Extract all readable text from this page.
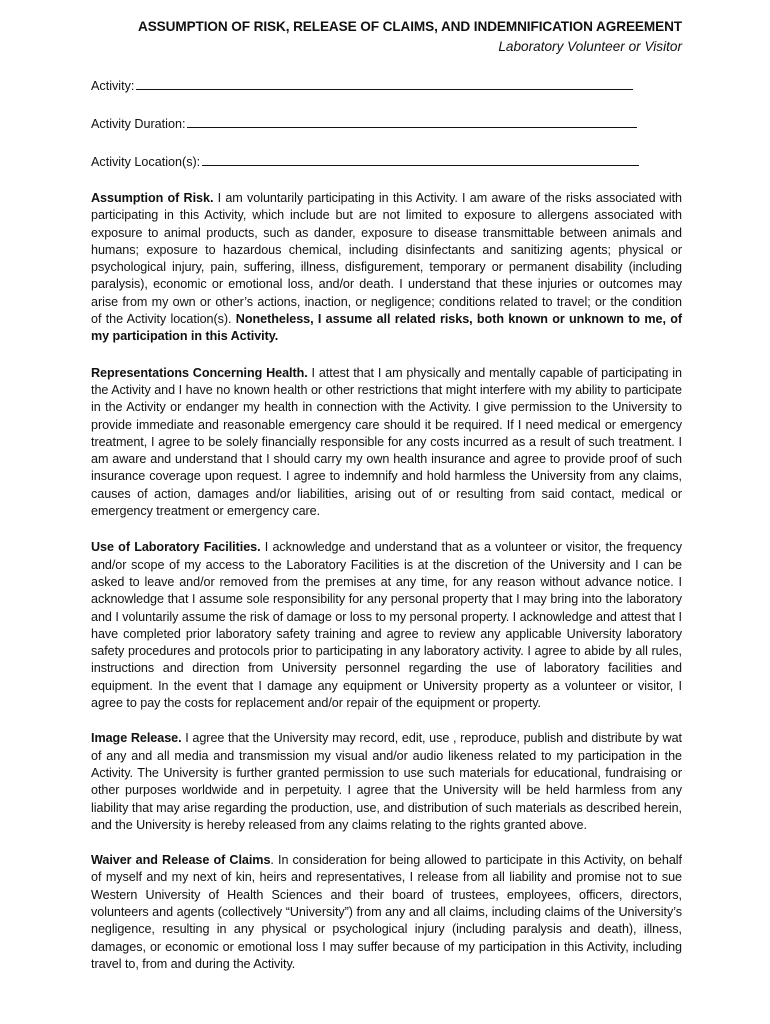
ASSUMPTION OF RISK, RELEASE OF CLAIMS, AND INDEMNIFICATION AGREEMENT
Laboratory Volunteer or Visitor
Activity:
Activity Duration:
Activity Location(s):

Assumption of Risk. I am voluntarily participating in this Activity. I am aware of the risks associated with participating in this Activity, which include but are not limited to exposure to allergens associated with exposure to animal products, such as dander, exposure to disease transmittable between animals and humans; exposure to hazardous chemical, including disinfectants and sanitizing agents; physical or psychological injury, pain, suffering, illness, disfigurement, temporary or permanent disability (including paralysis), economic or emotional loss, and/or death. I understand that these injuries or outcomes may arise from my own or other’s actions, inaction, or negligence; conditions related to travel; or the condition of the Activity location(s). Nonetheless, I assume all related risks, both known or unknown to me, of my participation in this Activity.

Representations Concerning Health. I attest that I am physically and mentally capable of participating in the Activity and I have no known health or other restrictions that might interfere with my ability to participate in the Activity or endanger my health in connection with the Activity. I give permission to the University to provide immediate and reasonable emergency care should it be required. If I need medical or emergency treatment, I agree to be solely financially responsible for any costs incurred as a result of such treatment. I am aware and understand that I should carry my own health insurance and agree to provide proof of such insurance coverage upon request. I agree to indemnify and hold harmless the University from any claims, causes of action, damages and/or liabilities, arising out of or resulting from said contact, medical or emergency treatment or emergency care.

Use of Laboratory Facilities. I acknowledge and understand that as a volunteer or visitor, the frequency and/or scope of my access to the Laboratory Facilities is at the discretion of the University and I can be asked to leave and/or removed from the premises at any time, for any reason without advance notice. I acknowledge that I assume sole responsibility for any personal property that I may bring into the laboratory and I voluntarily assume the risk of damage or loss to my personal property. I acknowledge and attest that I have completed prior laboratory safety training and agree to review any applicable University laboratory safety procedures and protocols prior to participating in any laboratory activity. I agree to abide by all rules, instructions and direction from University personnel regarding the use of laboratory facilities and equipment. In the event that I damage any equipment or University property as a volunteer or visitor, I agree to pay the costs for replacement and/or repair of the equipment or property.

Image Release. I agree that the University may record, edit, use , reproduce, publish and distribute by wat of any and all media and transmission my visual and/or audio likeness related to my participation in the Activity. The University is further granted permission to use such materials for educational, fundraising or other purposes worldwide and in perpetuity. I agree that the University will be held harmless from any liability that may arise regarding the production, use, and distribution of such materials as described herein, and the University is hereby released from any claims relating to the rights granted above.

Waiver and Release of Claims. In consideration for being allowed to participate in this Activity, on behalf of myself and my next of kin, heirs and representatives, I release from all liability and promise not to sue Western University of Health Sciences and their board of trustees, employees, officers, directors, volunteers and agents (collectively “University”) from any and all claims, including claims of the University’s negligence, resulting in any physical or psychological injury (including paralysis and death), illness, damages, or economic or emotional loss I may suffer because of my participation in this Activity, including travel to, from and during the Activity.
